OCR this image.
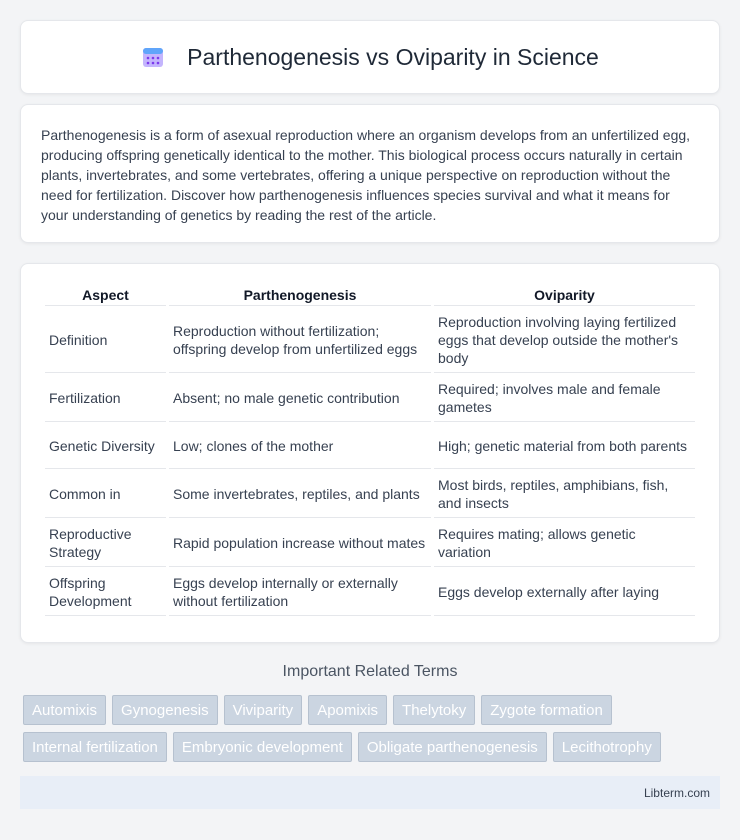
Parthenogenesis vs Oviparity in Science

Parthenogenesis is a form of asexual reproduction where an organism develops from an unfertilized egg, producing offspring genetically identical to the mother. This biological process occurs naturally in certain plants, invertebrates, and some vertebrates, offering a unique perspective on reproduction without the need for fertilization. Discover how parthenogenesis influences species survival and what it means for your understanding of genetics by reading the rest of the article.

Aspect	Parthenogenesis	Oviparity
Definition	Reproduction without fertilization; offspring develop from unfertilized eggs	Reproduction involving laying fertilized eggs that develop outside the mother's body
Fertilization	Absent; no male genetic contribution	Required; involves male and female gametes
Genetic Diversity	Low; clones of the mother	High; genetic material from both parents
Common in	Some invertebrates, reptiles, and plants	Most birds, reptiles, amphibians, fish, and insects
Reproductive Strategy	Rapid population increase without mates	Requires mating; allows genetic variation
Offspring Development	Eggs develop internally or externally without fertilization	Eggs develop externally after laying
Important Related Terms
Automixis	Gynogenesis	Viviparity	Apomixis	Thelytoky	Zygote formation
Internal fertilization	Embryonic development	Obligate parthenogenesis	Lecithotrophy
Libterm.com
